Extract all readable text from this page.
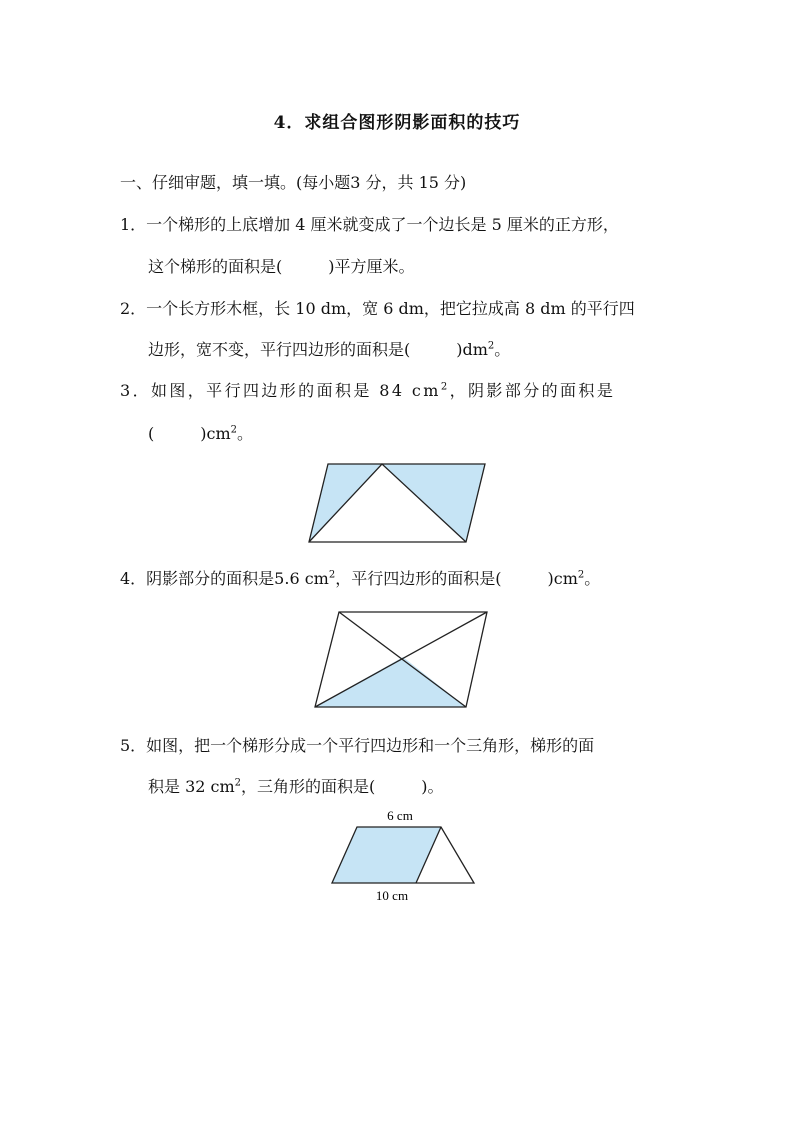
4．求组合图形阴影面积的技巧
一、仔细审题，填一填。(每小题3 分，共 15 分)
1．一个梯形的上底增加 4 厘米就变成了一个边长是 5 厘米的正方形，
这个梯形的面积是(	)平方厘米。
2．一个长方形木框，长 10 dm，宽 6 dm，把它拉成高 8 dm 的平行四
边形，宽不变，平行四边形的面积是(	)$dm^2$。
3．如图，平行四边形的面积是 84 $cm^2$，阴影部分的面积是
(	)$cm^2$。
4．阴影部分的面积是5.6 $cm^2$，平行四边形的面积是(	)$cm^2$。
5．如图，把一个梯形分成一个平行四边形和一个三角形，梯形的面
积是 32 $cm^2$，三角形的面积是(	)。
6 cm
10 cm
